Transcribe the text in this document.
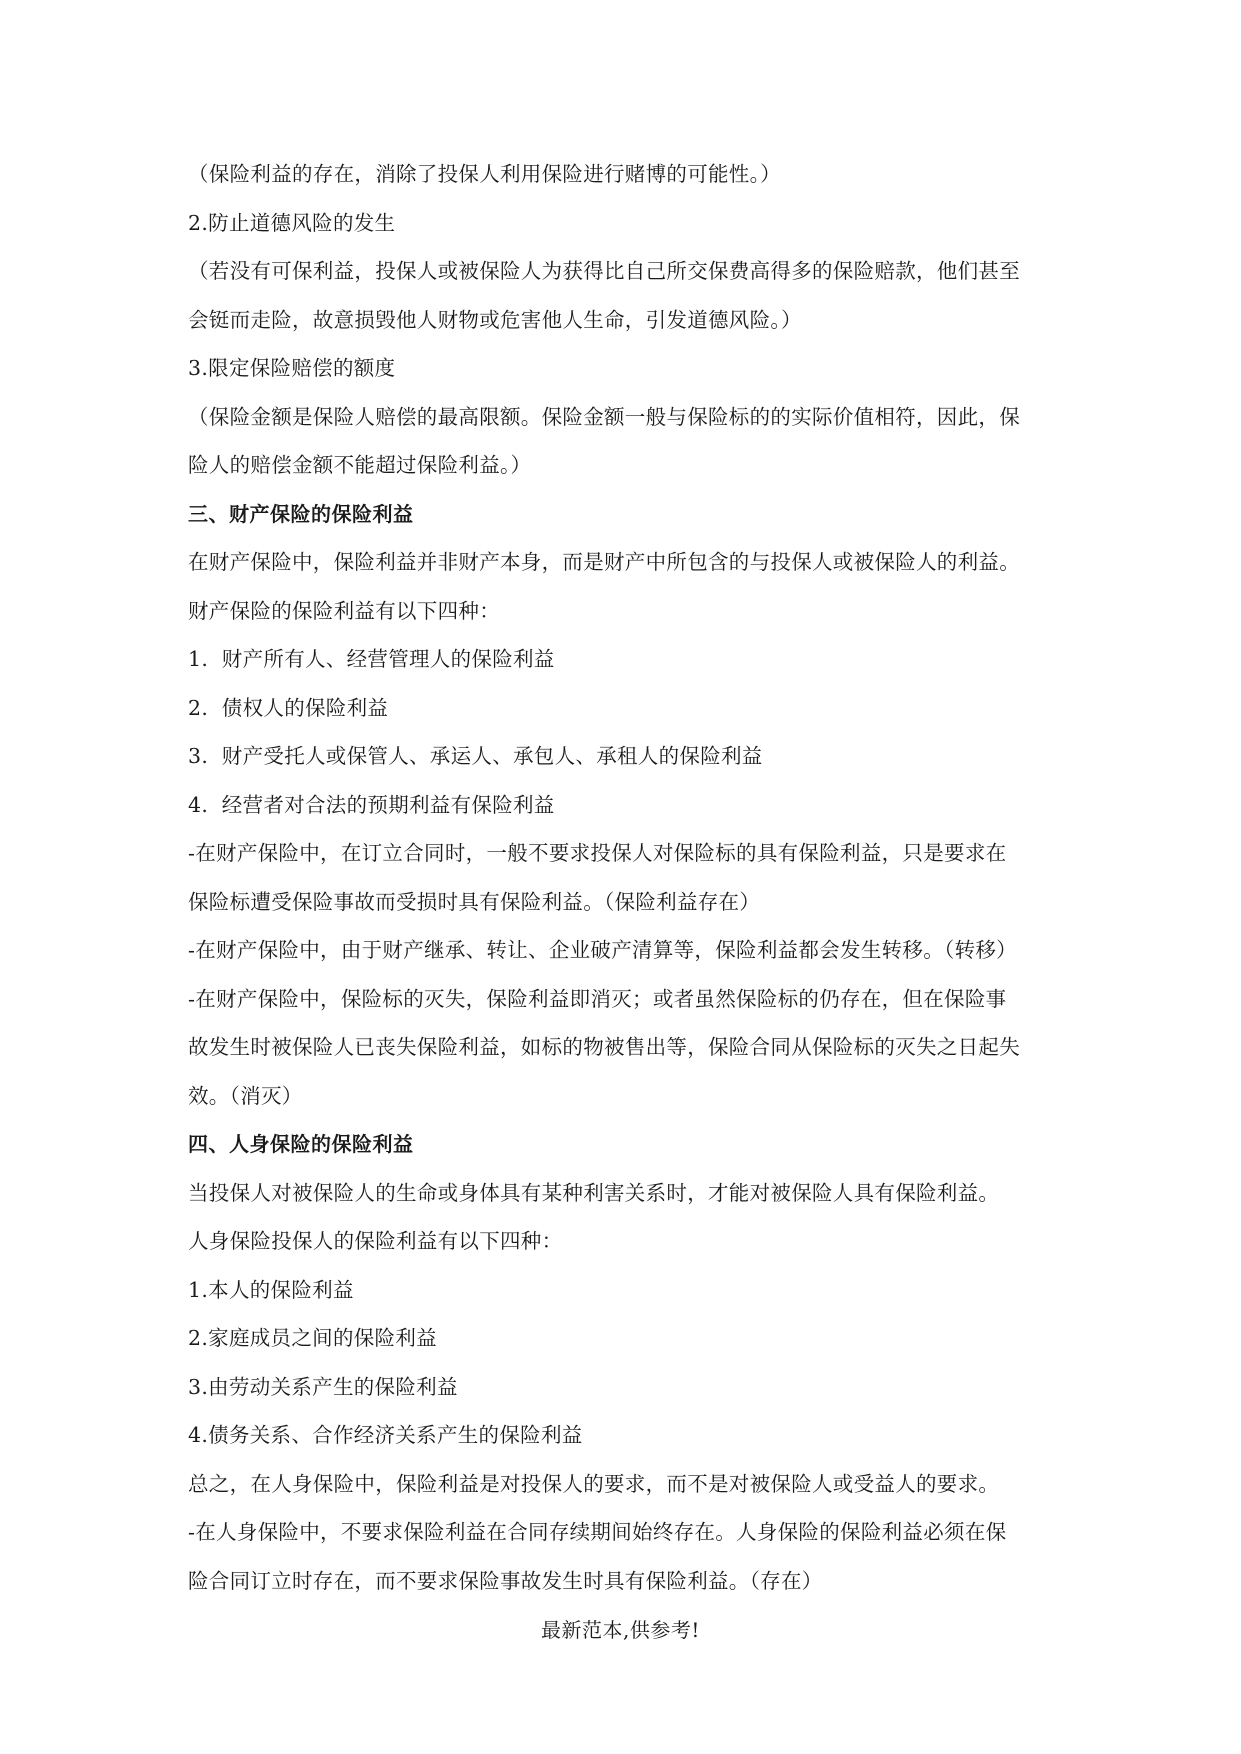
（保险利益的存在，消除了投保人利用保险进行赌博的可能性。）
2.防止道德风险的发生
（若没有可保利益，投保人或被保险人为获得比自己所交保费高得多的保险赔款，他们甚至
会铤而走险，故意损毁他人财物或危害他人生命，引发道德风险。）
3.限定保险赔偿的额度
（保险金额是保险人赔偿的最高限额。保险金额一般与保险标的的实际价值相符，因此，保
险人的赔偿金额不能超过保险利益。）
三、财产保险的保险利益
在财产保险中，保险利益并非财产本身，而是财产中所包含的与投保人或被保险人的利益。
财产保险的保险利益有以下四种：
1.  财产所有人、经营管理人的保险利益
2.  债权人的保险利益
3.  财产受托人或保管人、承运人、承包人、承租人的保险利益
4.  经营者对合法的预期利益有保险利益
-在财产保险中，在订立合同时，一般不要求投保人对保险标的具有保险利益，只是要求在
保险标遭受保险事故而受损时具有保险利益。（保险利益存在）
-在财产保险中，由于财产继承、转让、企业破产清算等，保险利益都会发生转移。（转移）
-在财产保险中，保险标的灭失，保险利益即消灭；或者虽然保险标的仍存在，但在保险事
故发生时被保险人已丧失保险利益，如标的物被售出等，保险合同从保险标的灭失之日起失
效。（消灭）
四、人身保险的保险利益
当投保人对被保险人的生命或身体具有某种利害关系时，才能对被保险人具有保险利益。
人身保险投保人的保险利益有以下四种：
1.本人的保险利益
2.家庭成员之间的保险利益
3.由劳动关系产生的保险利益
4.债务关系、合作经济关系产生的保险利益
总之，在人身保险中，保险利益是对投保人的要求，而不是对被保险人或受益人的要求。
-在人身保险中，不要求保险利益在合同存续期间始终存在。人身保险的保险利益必须在保
险合同订立时存在，而不要求保险事故发生时具有保险利益。（存在）
最新范本,供参考!
